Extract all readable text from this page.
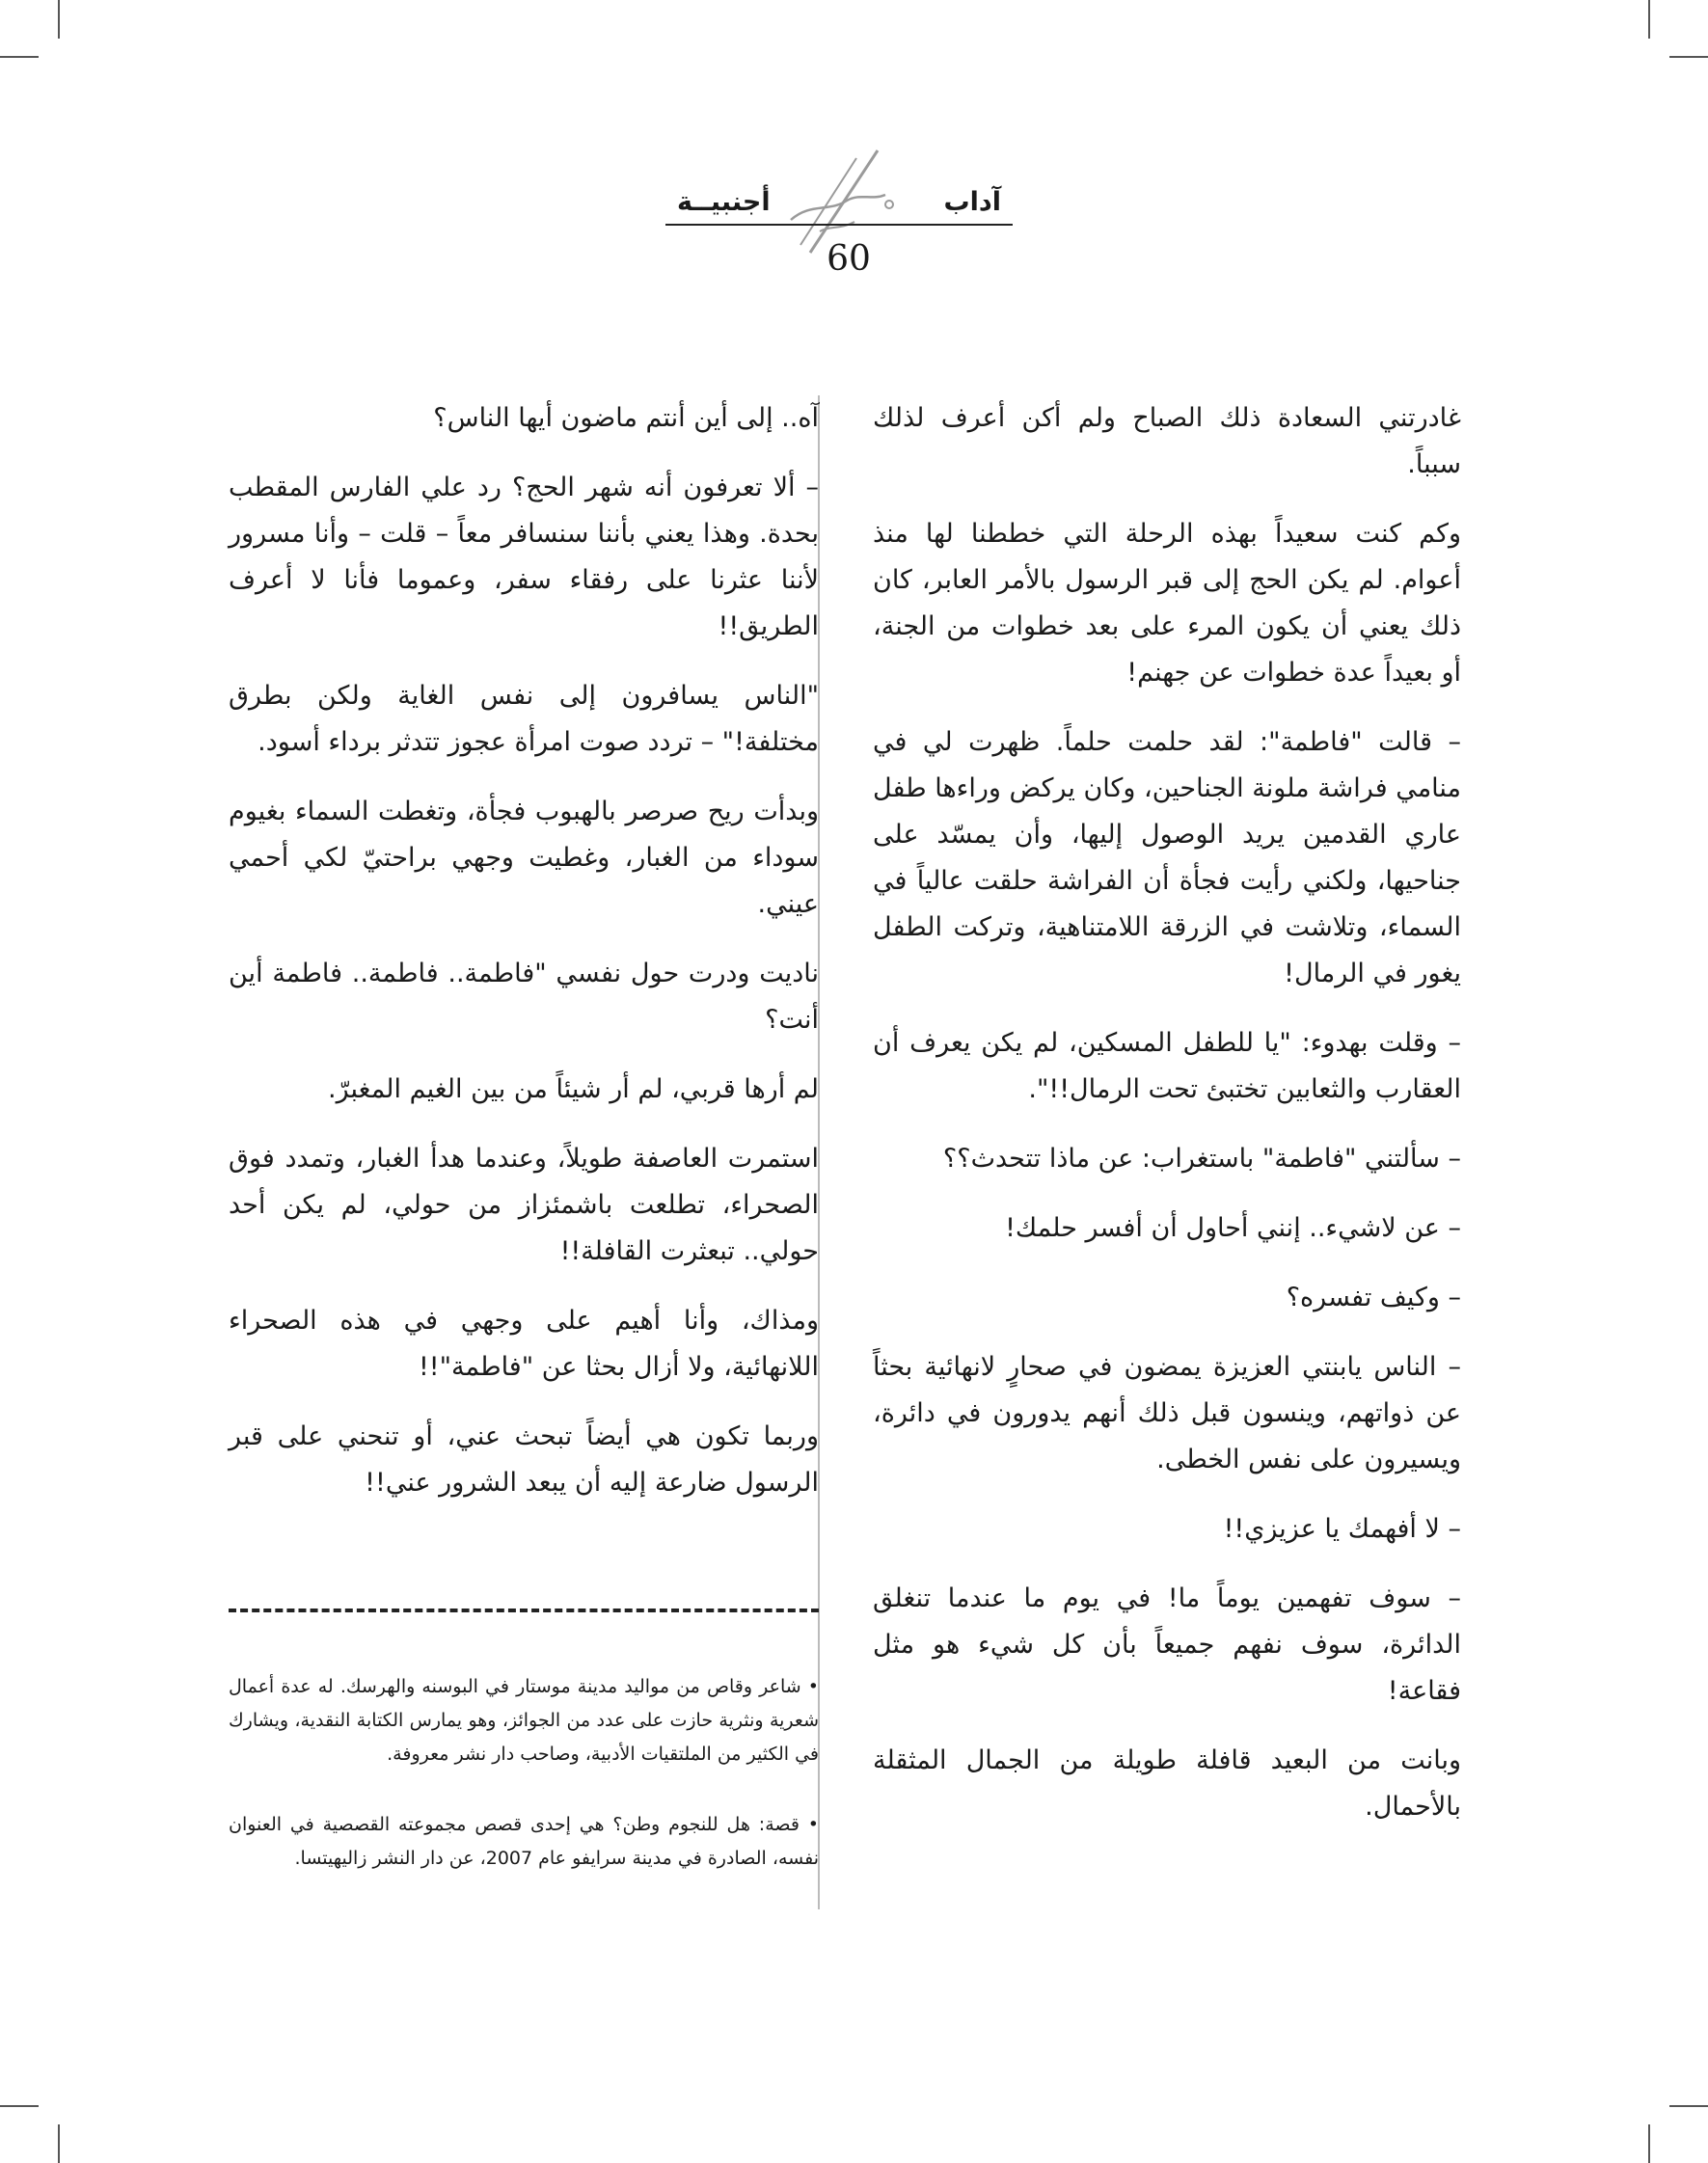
آداب
أجنبيــة
60

غادرتني السعادة ذلك الصباح ولم أكن أعرف لذلك سبباً.

وكم كنت سعيداً بهذه الرحلة التي خططنا لها منذ أعوام. لم يكن الحج إلى قبر الرسول بالأمر العابر، كان ذلك يعني أن يكون المرء على بعد خطوات من الجنة، أو بعيداً عدة خطوات عن جهنم!

– قالت "فاطمة": لقد حلمت حلماً. ظهرت لي في منامي فراشة ملونة الجناحين، وكان يركض وراءها طفل عاري القدمين يريد الوصول إليها، وأن يمسّد على جناحيها، ولكني رأيت فجأة أن الفراشة حلقت عالياً في السماء، وتلاشت في الزرقة اللامتناهية، وتركت الطفل يغور في الرمال!

– وقلت بهدوء: "يا للطفل المسكين، لم يكن يعرف أن العقارب والثعابين تختبئ تحت الرمال!!".

– سألتني "فاطمة" باستغراب: عن ماذا تتحدث؟؟

– عن لاشيء.. إنني أحاول أن أفسر حلمك!

– وكيف تفسره؟

– الناس يابنتي العزيزة يمضون في صحارٍ لانهائية بحثاً عن ذواتهم، وينسون قبل ذلك أنهم يدورون في دائرة، ويسيرون على نفس الخطى.

– لا أفهمك يا عزيزي!!

– سوف تفهمين يوماً ما! في يوم ما عندما تنغلق الدائرة، سوف نفهم جميعاً بأن كل شيء هو مثل فقاعة!

وبانت من البعيد قافلة طويلة من الجمال المثقلة بالأحمال.

آه.. إلى أين أنتم ماضون أيها الناس؟

– ألا تعرفون أنه شهر الحج؟ رد علي الفارس المقطب بحدة. وهذا يعني بأننا سنسافر معاً – قلت – وأنا مسرور لأننا عثرنا على رفقاء سفر، وعموما فأنا لا أعرف الطريق!!

"الناس يسافرون إلى نفس الغاية ولكن بطرق مختلفة!" – تردد صوت امرأة عجوز تتدثر برداء أسود.

وبدأت ريح صرصر بالهبوب فجأة، وتغطت السماء بغيوم سوداء من الغبار، وغطيت وجهي براحتيّ لكي أحمي عيني.

ناديت ودرت حول نفسي "فاطمة.. فاطمة.. فاطمة أين أنت؟

لم أرها قربي، لم أر شيئاً من بين الغيم المغبرّ.

استمرت العاصفة طويلاً، وعندما هدأ الغبار، وتمدد فوق الصحراء، تطلعت باشمئزاز من حولي، لم يكن أحد حولي.. تبعثرت القافلة!!

ومذاك، وأنا أهيم على وجهي في هذه الصحراء اللانهائية، ولا أزال بحثا عن "فاطمة"!!

وربما تكون هي أيضاً تبحث عني، أو تنحني على قبر الرسول ضارعة إليه أن يبعد الشرور عني!!

• شاعر وقاص من مواليد مدينة موستار في البوسنه والهرسك. له عدة أعمال شعرية ونثرية حازت على عدد من الجوائز، وهو يمارس الكتابة النقدية، ويشارك في الكثير من الملتقيات الأدبية، وصاحب دار نشر معروفة.

• قصة: هل للنجوم وطن؟ هي إحدى قصص مجموعته القصصية في العنوان نفسه، الصادرة في مدينة سرايفو عام 2007، عن دار النشر زاليهيتسا.
